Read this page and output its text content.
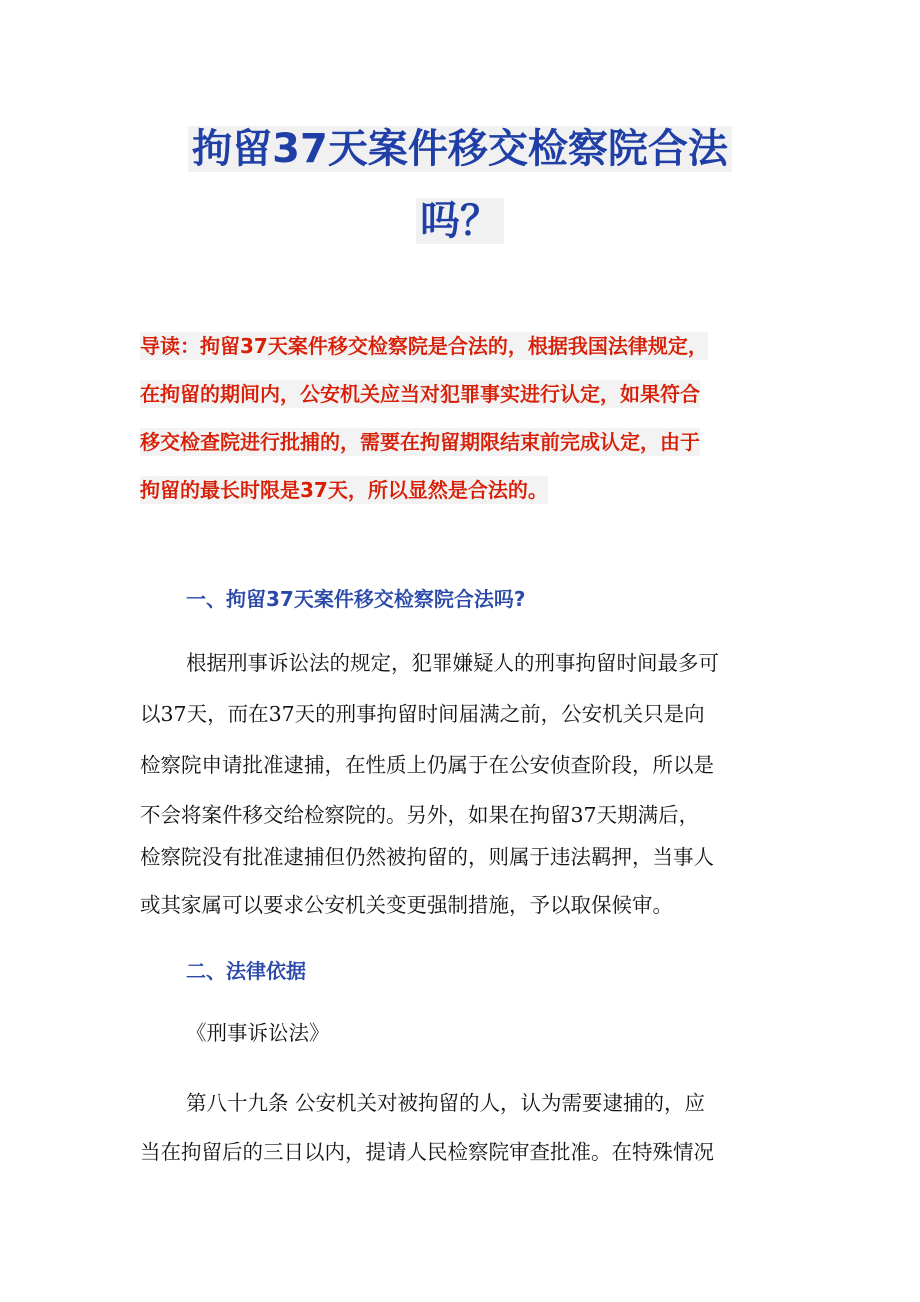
拘留37天案件移交检察院合法
吗？
导读：拘留37天案件移交检察院是合法的，根据我国法律规定，
在拘留的期间内，公安机关应当对犯罪事实进行认定，如果符合
移交检查院进行批捕的，需要在拘留期限结束前完成认定，由于
拘留的最长时限是37天，所以显然是合法的。
一、拘留37天案件移交检察院合法吗?
根据刑事诉讼法的规定，犯罪嫌疑人的刑事拘留时间最多可
以37天，而在37天的刑事拘留时间届满之前，公安机关只是向
检察院申请批准逮捕，在性质上仍属于在公安侦查阶段，所以是
不会将案件移交给检察院的。另外，如果在拘留37天期满后，
检察院没有批准逮捕但仍然被拘留的，则属于违法羁押，当事人
或其家属可以要求公安机关变更强制措施，予以取保候审。
二、法律依据
《刑事诉讼法》
第八十九条 公安机关对被拘留的人，认为需要逮捕的，应
当在拘留后的三日以内，提请人民检察院审查批准。在特殊情况
